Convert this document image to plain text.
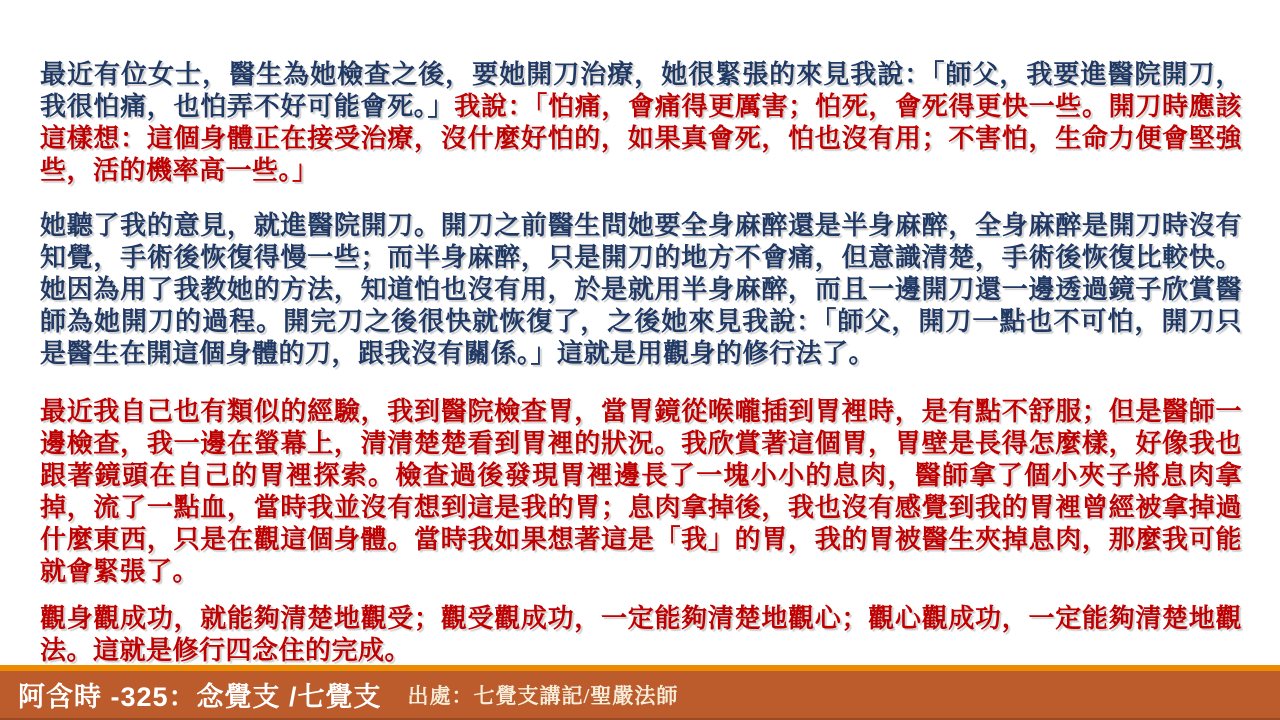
最近有位女士，醫生為她檢查之後，要她開刀治療，她很緊張的來見我說：「師父，我要進醫院開刀，我很怕痛，也怕弄不好可能會死。」我說：「怕痛，會痛得更厲害；怕死，會死得更快一些。開刀時應該這樣想：這個身體正在接受治療，沒什麼好怕的，如果真會死，怕也沒有用；不害怕，生命力便會堅強些，活的機率高一些。」

她聽了我的意見，就進醫院開刀。開刀之前醫生問她要全身麻醉還是半身麻醉，全身麻醉是開刀時沒有知覺，手術後恢復得慢一些；而半身麻醉，只是開刀的地方不會痛，但意識清楚，手術後恢復比較快。她因為用了我教她的方法，知道怕也沒有用，於是就用半身麻醉，而且一邊開刀還一邊透過鏡子欣賞醫師為她開刀的過程。開完刀之後很快就恢復了，之後她來見我說：「師父，開刀一點也不可怕，開刀只是醫生在開這個身體的刀，跟我沒有關係。」這就是用觀身的修行法了。

最近我自己也有類似的經驗，我到醫院檢查胃，當胃鏡從喉嚨插到胃裡時，是有點不舒服；但是醫師一邊檢查，我一邊在螢幕上，清清楚楚看到胃裡的狀況。我欣賞著這個胃，胃壁是長得怎麼樣，好像我也跟著鏡頭在自己的胃裡探索。檢查過後發現胃裡邊長了一塊小小的息肉，醫師拿了個小夾子將息肉拿掉，流了一點血，當時我並沒有想到這是我的胃；息肉拿掉後，我也沒有感覺到我的胃裡曾經被拿掉過什麼東西，只是在觀這個身體。當時我如果想著這是「我」的胃，我的胃被醫生夾掉息肉，那麼我可能就會緊張了。

觀身觀成功，就能夠清楚地觀受；觀受觀成功，一定能夠清楚地觀心；觀心觀成功，一定能夠清楚地觀法。這就是修行四念住的完成。

阿含時 -325：念覺支 /七覺支 出處：七覺支講記/聖嚴法師
